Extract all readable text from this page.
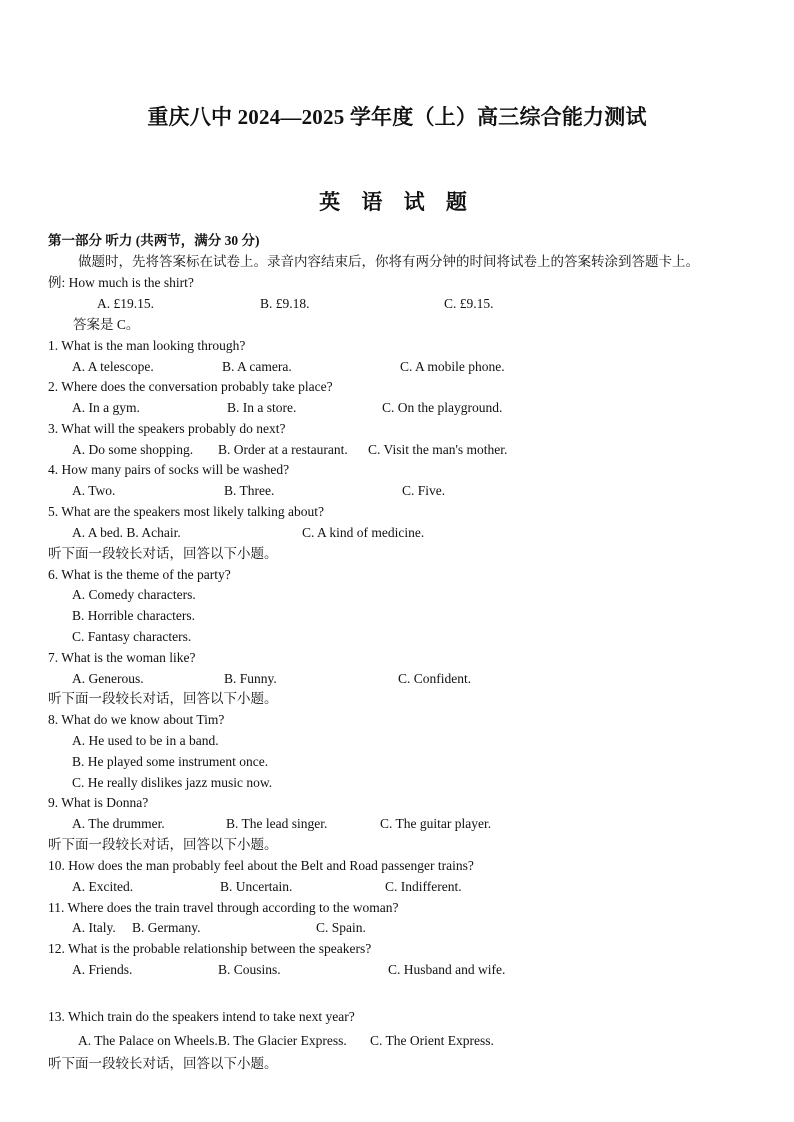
重庆八中 2024—2025 学年度（上）高三综合能力测试
英 语 试 题
第一部分 听力 (共两节，满分 30 分)
做题时，先将答案标在试卷上。录音内容结束后，你将有两分钟的时间将试卷上的答案转涂到答题卡上。
例: How much is the shirt?
A. £19.15.	B. £9.18.	C. £9.15.
答案是 C。
1. What is the man looking through?
A. A telescope.	B. A camera.	C. A mobile phone.
2. Where does the conversation probably take place?
A. In a gym.	B. In a store.	C. On the playground.
3. What will the speakers probably do next?
A. Do some shopping. B. Order at a restaurant. C. Visit the man's mother.
4. How many pairs of socks will be washed?
A. Two.	B. Three.	C. Five.
5. What are the speakers most likely talking about?
A. A bed. B. Achair.	C. A kind of medicine.
听下面一段较长对话，回答以下小题。
6. What is the theme of the party?
A. Comedy characters.
B. Horrible characters.
C. Fantasy characters.
7. What is the woman like?
A. Generous.	B. Funny.	C. Confident.
听下面一段较长对话，回答以下小题。
8. What do we know about Tim?
A. He used to be in a band.
B. He played some instrument once.
C. He really dislikes jazz music now.
9. What is Donna?
A. The drummer.	B. The lead singer.	C. The guitar player.
听下面一段较长对话，回答以下小题。
10. How does the man probably feel about the Belt and Road passenger trains?
A. Excited.	B. Uncertain.	C. Indifferent.
11. Where does the train travel through according to the woman?
A. Italy. B. Germany.	C. Spain.
12. What is the probable relationship between the speakers?
A. Friends.	B. Cousins.	C. Husband and wife.
13. Which train do the speakers intend to take next year?
A. The Palace on Wheels.B. The Glacier Express. C. The Orient Express.
听下面一段较长对话，回答以下小题。
